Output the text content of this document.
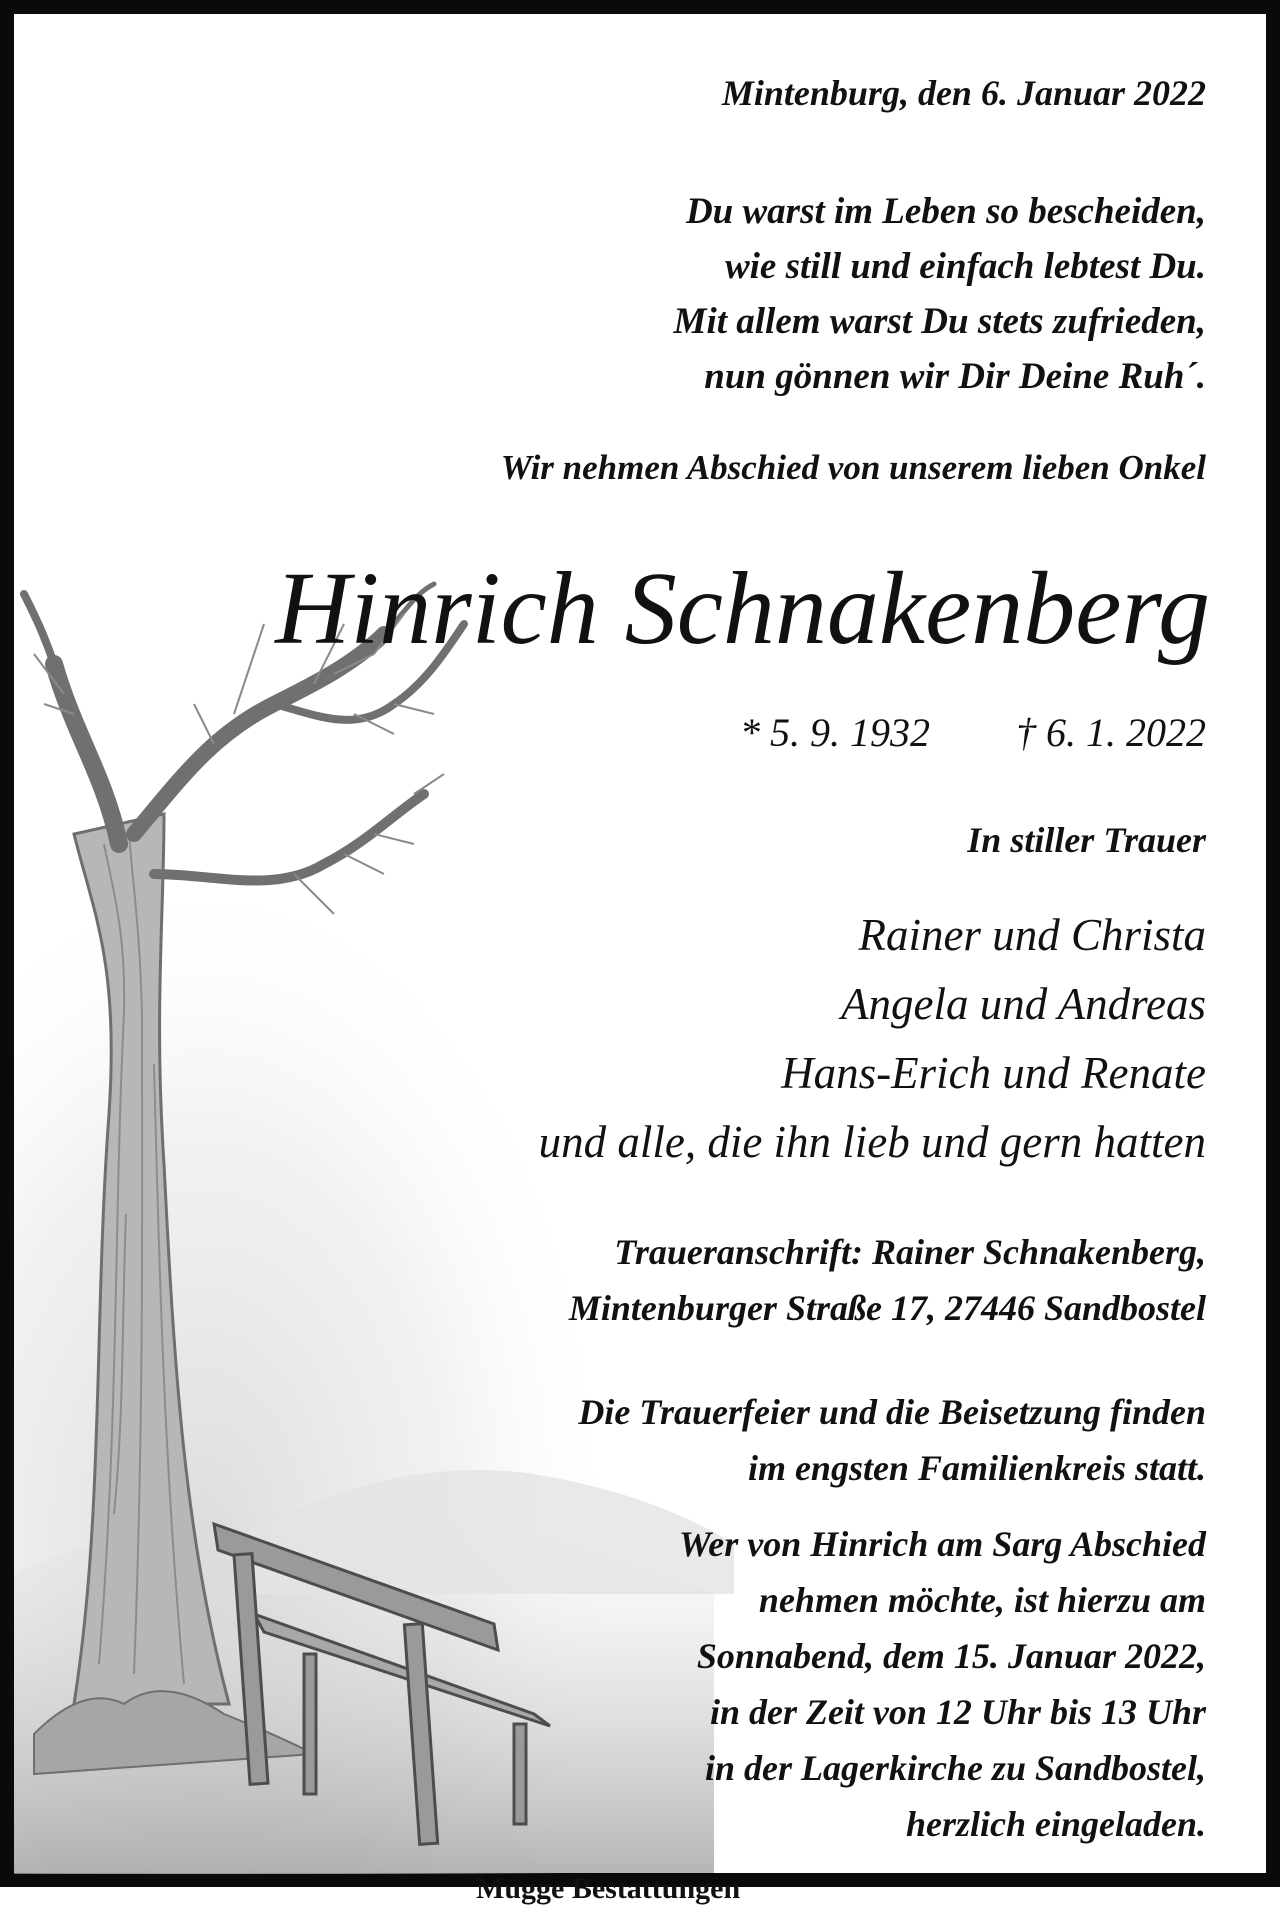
Mintenburg, den 6. Januar 2022
Du warst im Leben so bescheiden,
wie still und einfach lebtest Du.
Mit allem warst Du stets zufrieden,
nun gönnen wir Dir Deine Ruh´.
Wir nehmen Abschied von unserem lieben Onkel
Hinrich Schnakenberg
* 5. 9. 1932 † 6. 1. 2022
In stiller Trauer
Rainer und Christa
Angela und Andreas
Hans-Erich und Renate
und alle, die ihn lieb und gern hatten
Traueranschrift: Rainer Schnakenberg,
Mintenburger Straße 17, 27446 Sandbostel
Die Trauerfeier und die Beisetzung finden
im engsten Familienkreis statt.
Wer von Hinrich am Sarg Abschied
nehmen möchte, ist hierzu am
Sonnabend, dem 15. Januar 2022,
in der Zeit von 12 Uhr bis 13 Uhr
in der Lagerkirche zu Sandbostel,
herzlich eingeladen.
Mügge Bestattungen
